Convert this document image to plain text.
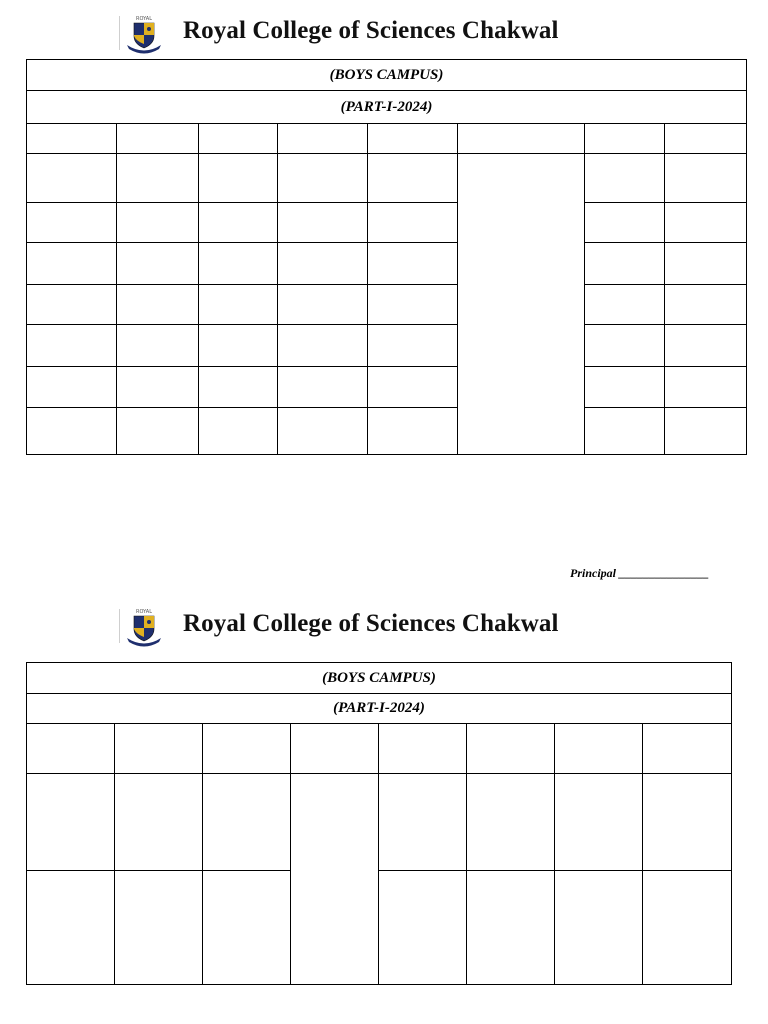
ROYAL Royal College of Sciences Chakwal
(BOYS CAMPUS)							
(PART-I-2024)							

Principal _______________
ROYAL Royal College of Sciences Chakwal
(BOYS CAMPUS)							
(PART-I-2024)							
